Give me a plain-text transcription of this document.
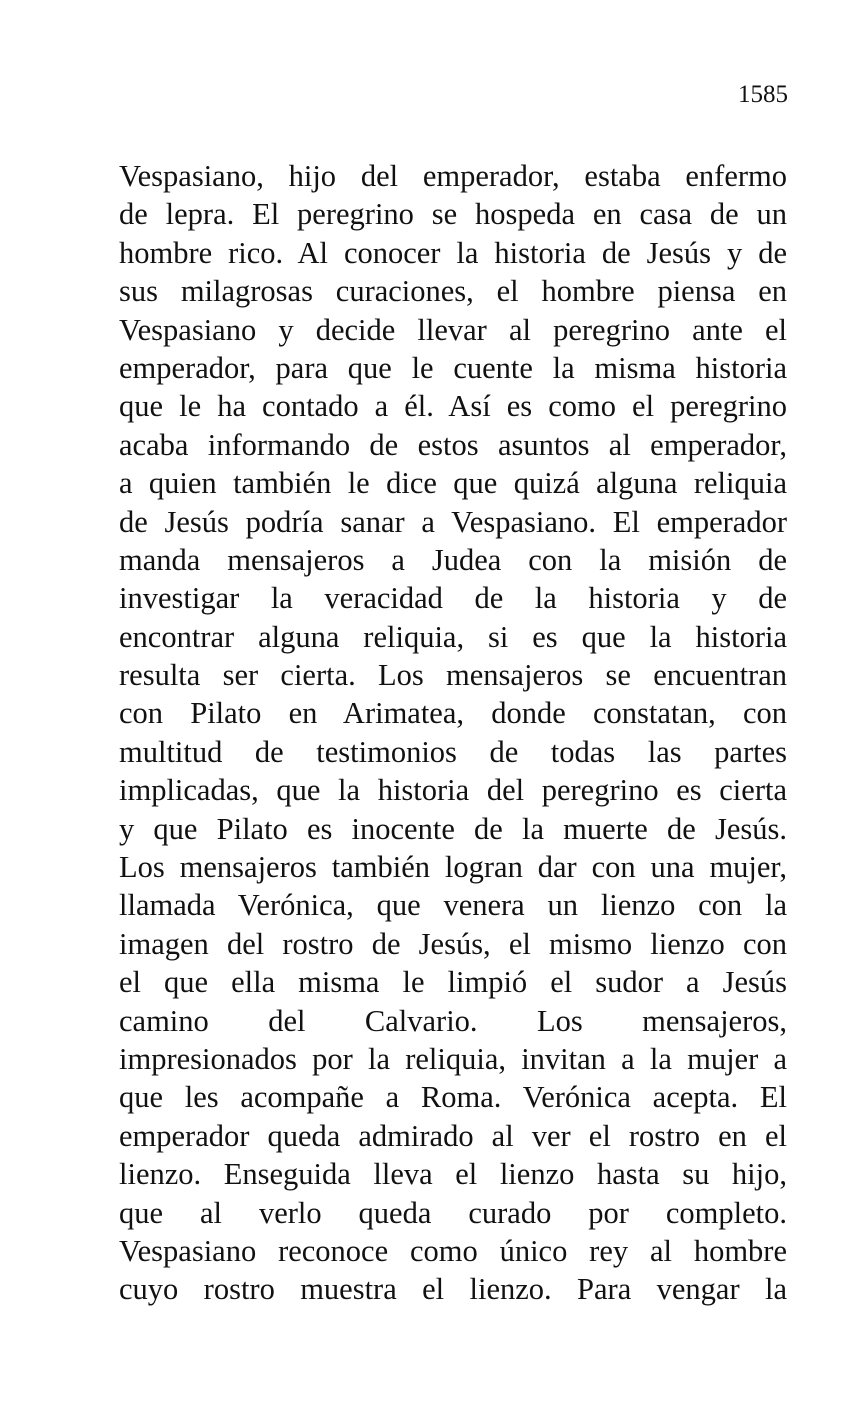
1585
Vespasiano, hijo del emperador, estaba enfermo
de lepra. El peregrino se hospeda en casa de un
hombre rico. Al conocer la historia de Jesús y de
sus milagrosas curaciones, el hombre piensa en
Vespasiano y decide llevar al peregrino ante el
emperador, para que le cuente la misma historia
que le ha contado a él. Así es como el peregrino
acaba informando de estos asuntos al emperador,
a quien también le dice que quizá alguna reliquia
de Jesús podría sanar a Vespasiano. El emperador
manda mensajeros a Judea con la misión de
investigar la veracidad de la historia y de
encontrar alguna reliquia, si es que la historia
resulta ser cierta. Los mensajeros se encuentran
con Pilato en Arimatea, donde constatan, con
multitud de testimonios de todas las partes
implicadas, que la historia del peregrino es cierta
y que Pilato es inocente de la muerte de Jesús.
Los mensajeros también logran dar con una mujer,
llamada Verónica, que venera un lienzo con la
imagen del rostro de Jesús, el mismo lienzo con
el que ella misma le limpió el sudor a Jesús
camino del Calvario. Los mensajeros,
impresionados por la reliquia, invitan a la mujer a
que les acompañe a Roma. Verónica acepta. El
emperador queda admirado al ver el rostro en el
lienzo. Enseguida lleva el lienzo hasta su hijo,
que al verlo queda curado por completo.
Vespasiano reconoce como único rey al hombre
cuyo rostro muestra el lienzo. Para vengar la
